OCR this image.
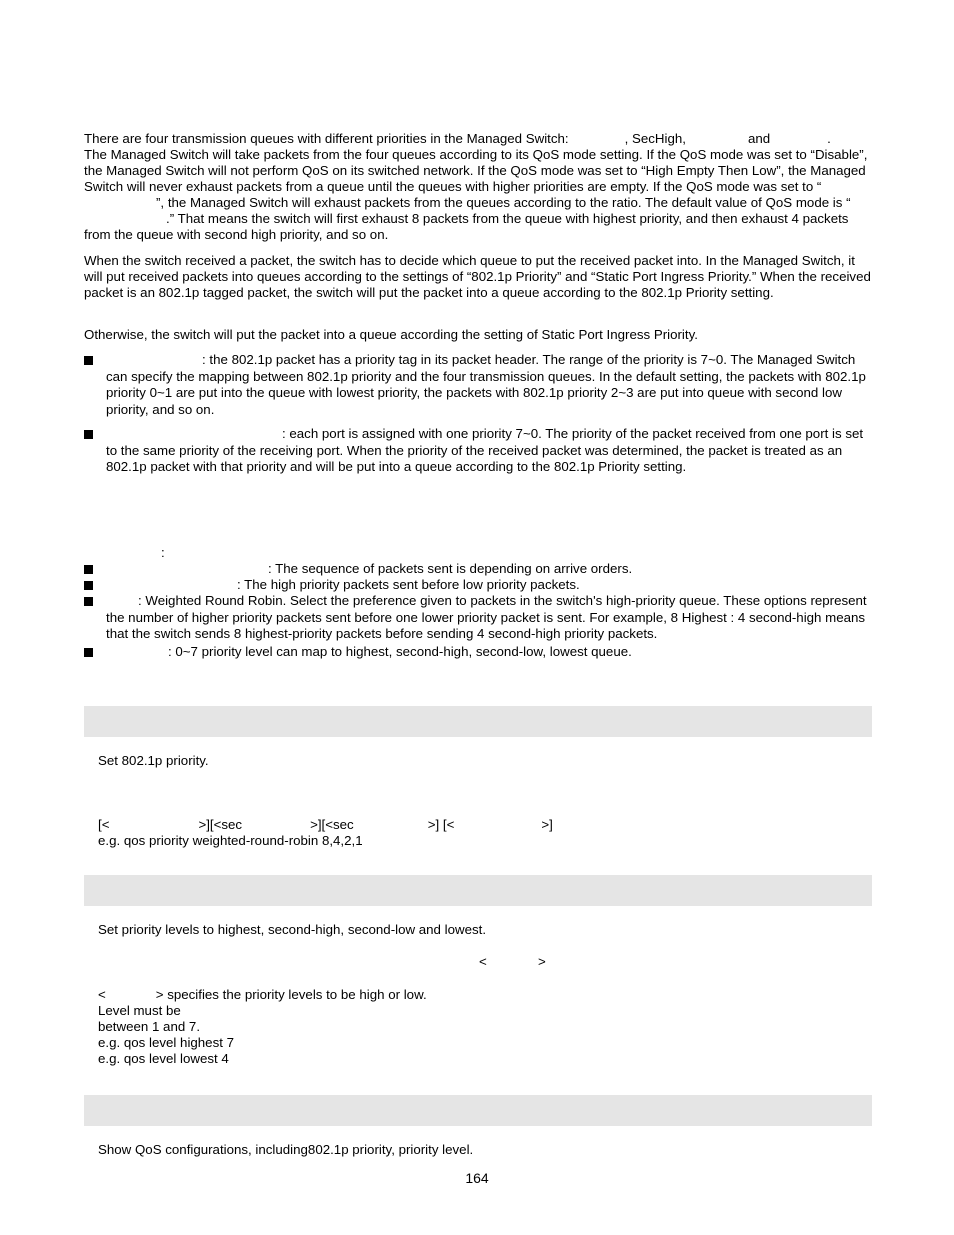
There are four transmission queues with different priorities in the Managed Switch:	, SecHigh,	and	.
The Managed Switch will take packets from the four queues according to its QoS mode setting. If the QoS mode was set to “Disable”, the Managed Switch will not perform QoS on its switched network. If the QoS mode was set to “High Empty Then Low”, the Managed Switch will never exhaust packets from a queue until the queues with higher priorities are empty. If the QoS mode was set to “”, the Managed Switch will exhaust packets from the queues according to the ratio. The default value of QoS mode is “.” That means the switch will first exhaust 8 packets from the queue with highest priority, and then exhaust 4 packets from the queue with second high priority, and so on.
When the switch received a packet, the switch has to decide which queue to put the received packet into. In the Managed Switch, it will put received packets into queues according to the settings of “802.1p Priority” and “Static Port Ingress Priority.” When the received packet is an 802.1p tagged packet, the switch will put the packet into a queue according to the 802.1p Priority setting.
Otherwise, the switch will put the packet into a queue according the setting of Static Port Ingress Priority.
: the 802.1p packet has a priority tag in its packet header. The range of the priority is 7~0. The Managed Switch can specify the mapping between 802.1p priority and the four transmission queues. In the default setting, the packets with 802.1p priority 0~1 are put into the queue with lowest priority, the packets with 802.1p priority 2~3 are put into queue with second low priority, and so on.
: each port is assigned with one priority 7~0. The priority of the packet received from one port is set to the same priority of the receiving port. When the priority of the received packet was determined, the packet is treated as an 802.1p packet with that priority and will be put into a queue according to the 802.1p Priority setting.
:
: The sequence of packets sent is depending on arrive orders.
: The high priority packets sent before low priority packets.
: Weighted Round Robin. Select the preference given to packets in the switch's high-priority queue. These options represent the number of higher priority packets sent before one lower priority packet is sent. For example, 8 Highest : 4 second-high means that the switch sends 8 highest-priority packets before sending 4 second-high priority packets.
: 0~7 priority level can map to highest, second-high, second-low, lowest queue.
Set 802.1p priority.
[<	>][<sec	>][<sec	>] [<	>]
e.g. qos priority weighted-round-robin 8,4,2,1
Set priority levels to highest, second-high, second-low and lowest.
<	>
<	> specifies the priority levels to be high or low.
Level must be
between 1 and 7.
e.g. qos level highest 7
e.g. qos level lowest 4
Show QoS configurations, including802.1p priority, priority level.
164
